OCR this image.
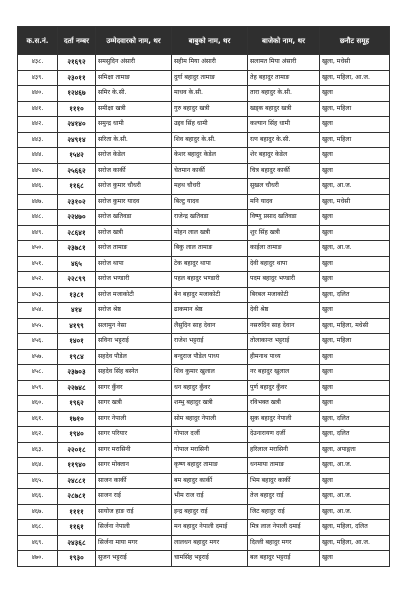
क.स.नं.	दर्ता नम्बर	उम्मेदवारको नाम, थर	बाबुको नाम, थर	बाजेको नाम, थर	छनौट समूह
४३८.	२१६९२	समसुदिन अंसारी	सहीम मिया अंसारी	सलामत मिया अंसारी	खुला, मधेसी
४३९.	२३०११	समिक्षा तामाङ	दुर्गा बहादुर तामाङ	तेह बहादुर तामाङ	खुला, महिला, आ.ज.
४४०.	१२४६७	समिर के.सी.	माधव के.सी.	तारा बहादुर के.सी.	खुला
४४१.	१११०	समीक्षा खत्री	गुरु बहादुर खत्री	खड्क बहादुर खत्री	खुला, महिला
४४२.	२४१४०	समुन्द्र धामी	उद्दव सिंह धामी	कल्यान सिंह धामी	खुला
४४३.	२४९१४	सरिता के.सी.	शिव बहादुर के.सी.	रत्न बहादुर के.सी.	खुला, महिला
४४४.	१५४२	सरोज केडेल	केशर बहादुर केडेल	शेर बहादुर केडेल	खुला
४४५.	२५६६२	सरोज कार्की	चेतमान कार्की	चित्र बहादुर कार्की	खुला
४४६.	११६८	सरोज कुमार चौधरी	महथ चौधरी	सुखल चौधरी	खुला, आ.ज.
४४७.	२३१०२	सरोज कुमार यादव	बिल्टु यादव	मनि यादव	खुला, मधेसी
४४८.	२२४७०	सरोज खतिवडा	राजेन्द्र खतिवडा	विष्णु प्रसाद खतिवडा	खुला
४४९.	२८६४१	सरोज खत्री	मोहन लाल खत्री	शुर सिंह खत्री	खुला
४५०.	२३७८१	सरोज तामाङ	बिकु लाल तामाङ	काईला तामाङ	खुला, आ.ज.
४५१.	४६५	सरोज थापा	टेक बहादुर थापा	देवी बहादुर थापा	खुला
४५२.	२२८९९	सरोज भण्डारी	पहल बहादुर भण्डारी	पदम बहादुर भण्डारी	खुला
४५३.	१३८१	सरोज मजाकोटी	बेन बहादुर मजाकोटी	बिरबल मजाकोटी	खुला, दलित
४५४.	४१४	सरोज श्रेष्ठ	ढाकमान श्रेष्ठ	देवी श्रेष्ठ	खुला
४५५.	४१९९	सलामुन नेसा	लैसुदिन साह देवान	नसरुदिन साह देवान	खुला, महिला, मधेसी
४५६.	१४०१	सविना भट्टराई	राजेश भट्टराई	तोलाकान्त भट्टराई	खुला, महिला
४५७.	१९८४	सहदेव पौडेल	बन्दुराज पौडेल पाध्य	हीमनाथ पाध्य	खुला
४५८.	२३७०३	सहदेव सिंह बस्नेत	शिव कुमार खुलाल	नर बहादुर खुलाल	खुला
४५९.	२२७४८	सागर कुँवर	धन बहादुर कुँवर	पुर्ण बहादुर कुँवर	खुला
४६०.	१९६२	सागर खत्री	शम्भु बहादुर खत्री	रविभक्त खत्री	खुला
४६१.	१७१०	सागर नेपाली	सोम बहादुर नेपाली	सुक बहादुर नेपाली	खुला, दलित
४६२.	१९४०	सागर परियार	गोपाल दर्जी	देउनारायण दर्जी	खुला, दलित
४६३.	२२०१८	सागर मरासिनी	गोपाल मरासिनी	हरिलाल मरासिनी	खुला, अपाङ्गता
४६४.	११९४०	सागर मोक्तान	कृष्ण बहादुर तामाङ	धनमाया तामाङ	खुला, आ.ज.
४६५.	२४८८१	साजन कार्की	बम बहादुर कार्की	भिम बहादुर कार्की	खुला
४६६.	२८७८१	साजन राई	भीम राज राई	तेज बहादुर राई	खुला, आ.ज.
४६७.	११११	सायोज हाङ राई	इन्द्र बहादुर राई	जिट बहादुर राई	खुला, आ.ज.
४६८.	११६१	सिर्जना नेपाली	मन बहादुर नेपाली दमाई	मित्र लाल नेपाली दमाई	खुला, महिला, दलित
४६९.	२४३६८	सिर्जना माया मगर	लालधन बहादुर मगर	दिल्ली बहादुर मगर	खुला, महिला, आ.ज.
४७०.	१९३०	सुजन भट्टराई	चामसिंह भट्टराई	बल बहादुर भट्टराई	खुला
